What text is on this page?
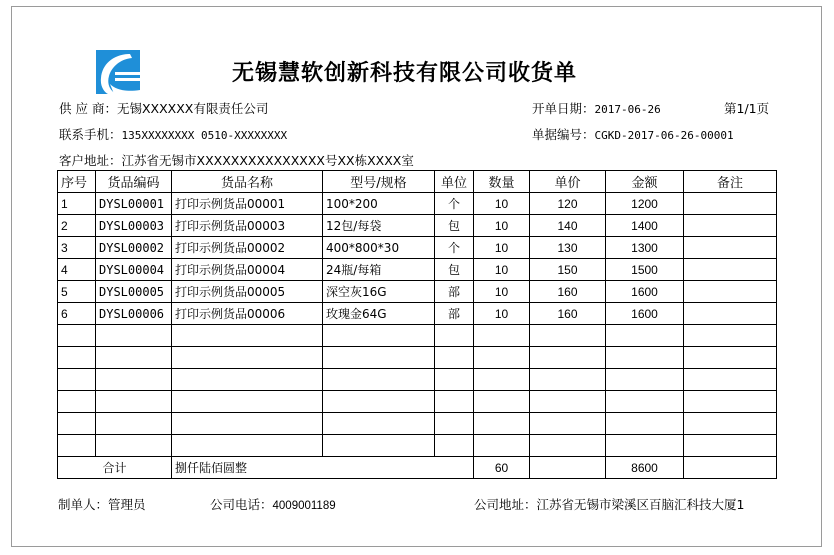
无锡慧软创新科技有限公司收货单
供 应 商：无锡XXXXXX有限责任公司
联系手机：135XXXXXXXX 0510-XXXXXXXX
客户地址：江苏省无锡市XXXXXXXXXXXXXXX号XX栋XXXX室
开单日期：2017-06-26	第1/1页
单据编号：CGKD-2017-06-26-00001
序号	货品编码	货品名称	型号/规格	单位	数量	单价	金额	备注
1	DYSL00001	打印示例货品00001	100*200	个	10	120	1200	
2	DYSL00003	打印示例货品00003	12包/每袋	包	10	140	1400	
3	DYSL00002	打印示例货品00002	400*800*30	个	10	130	1300	
4	DYSL00004	打印示例货品00004	24瓶/每箱	包	10	150	1500	
5	DYSL00005	打印示例货品00005	深空灰16G	部	10	160	1600	
6	DYSL00006	打印示例货品00006	玫瑰金64G	部	10	160	1600	

合计		捌仟陆佰圆整			60		8600	
制单人：管理员	公司电话：4009001189	公司地址：江苏省无锡市梁溪区百脑汇科技大厦1
